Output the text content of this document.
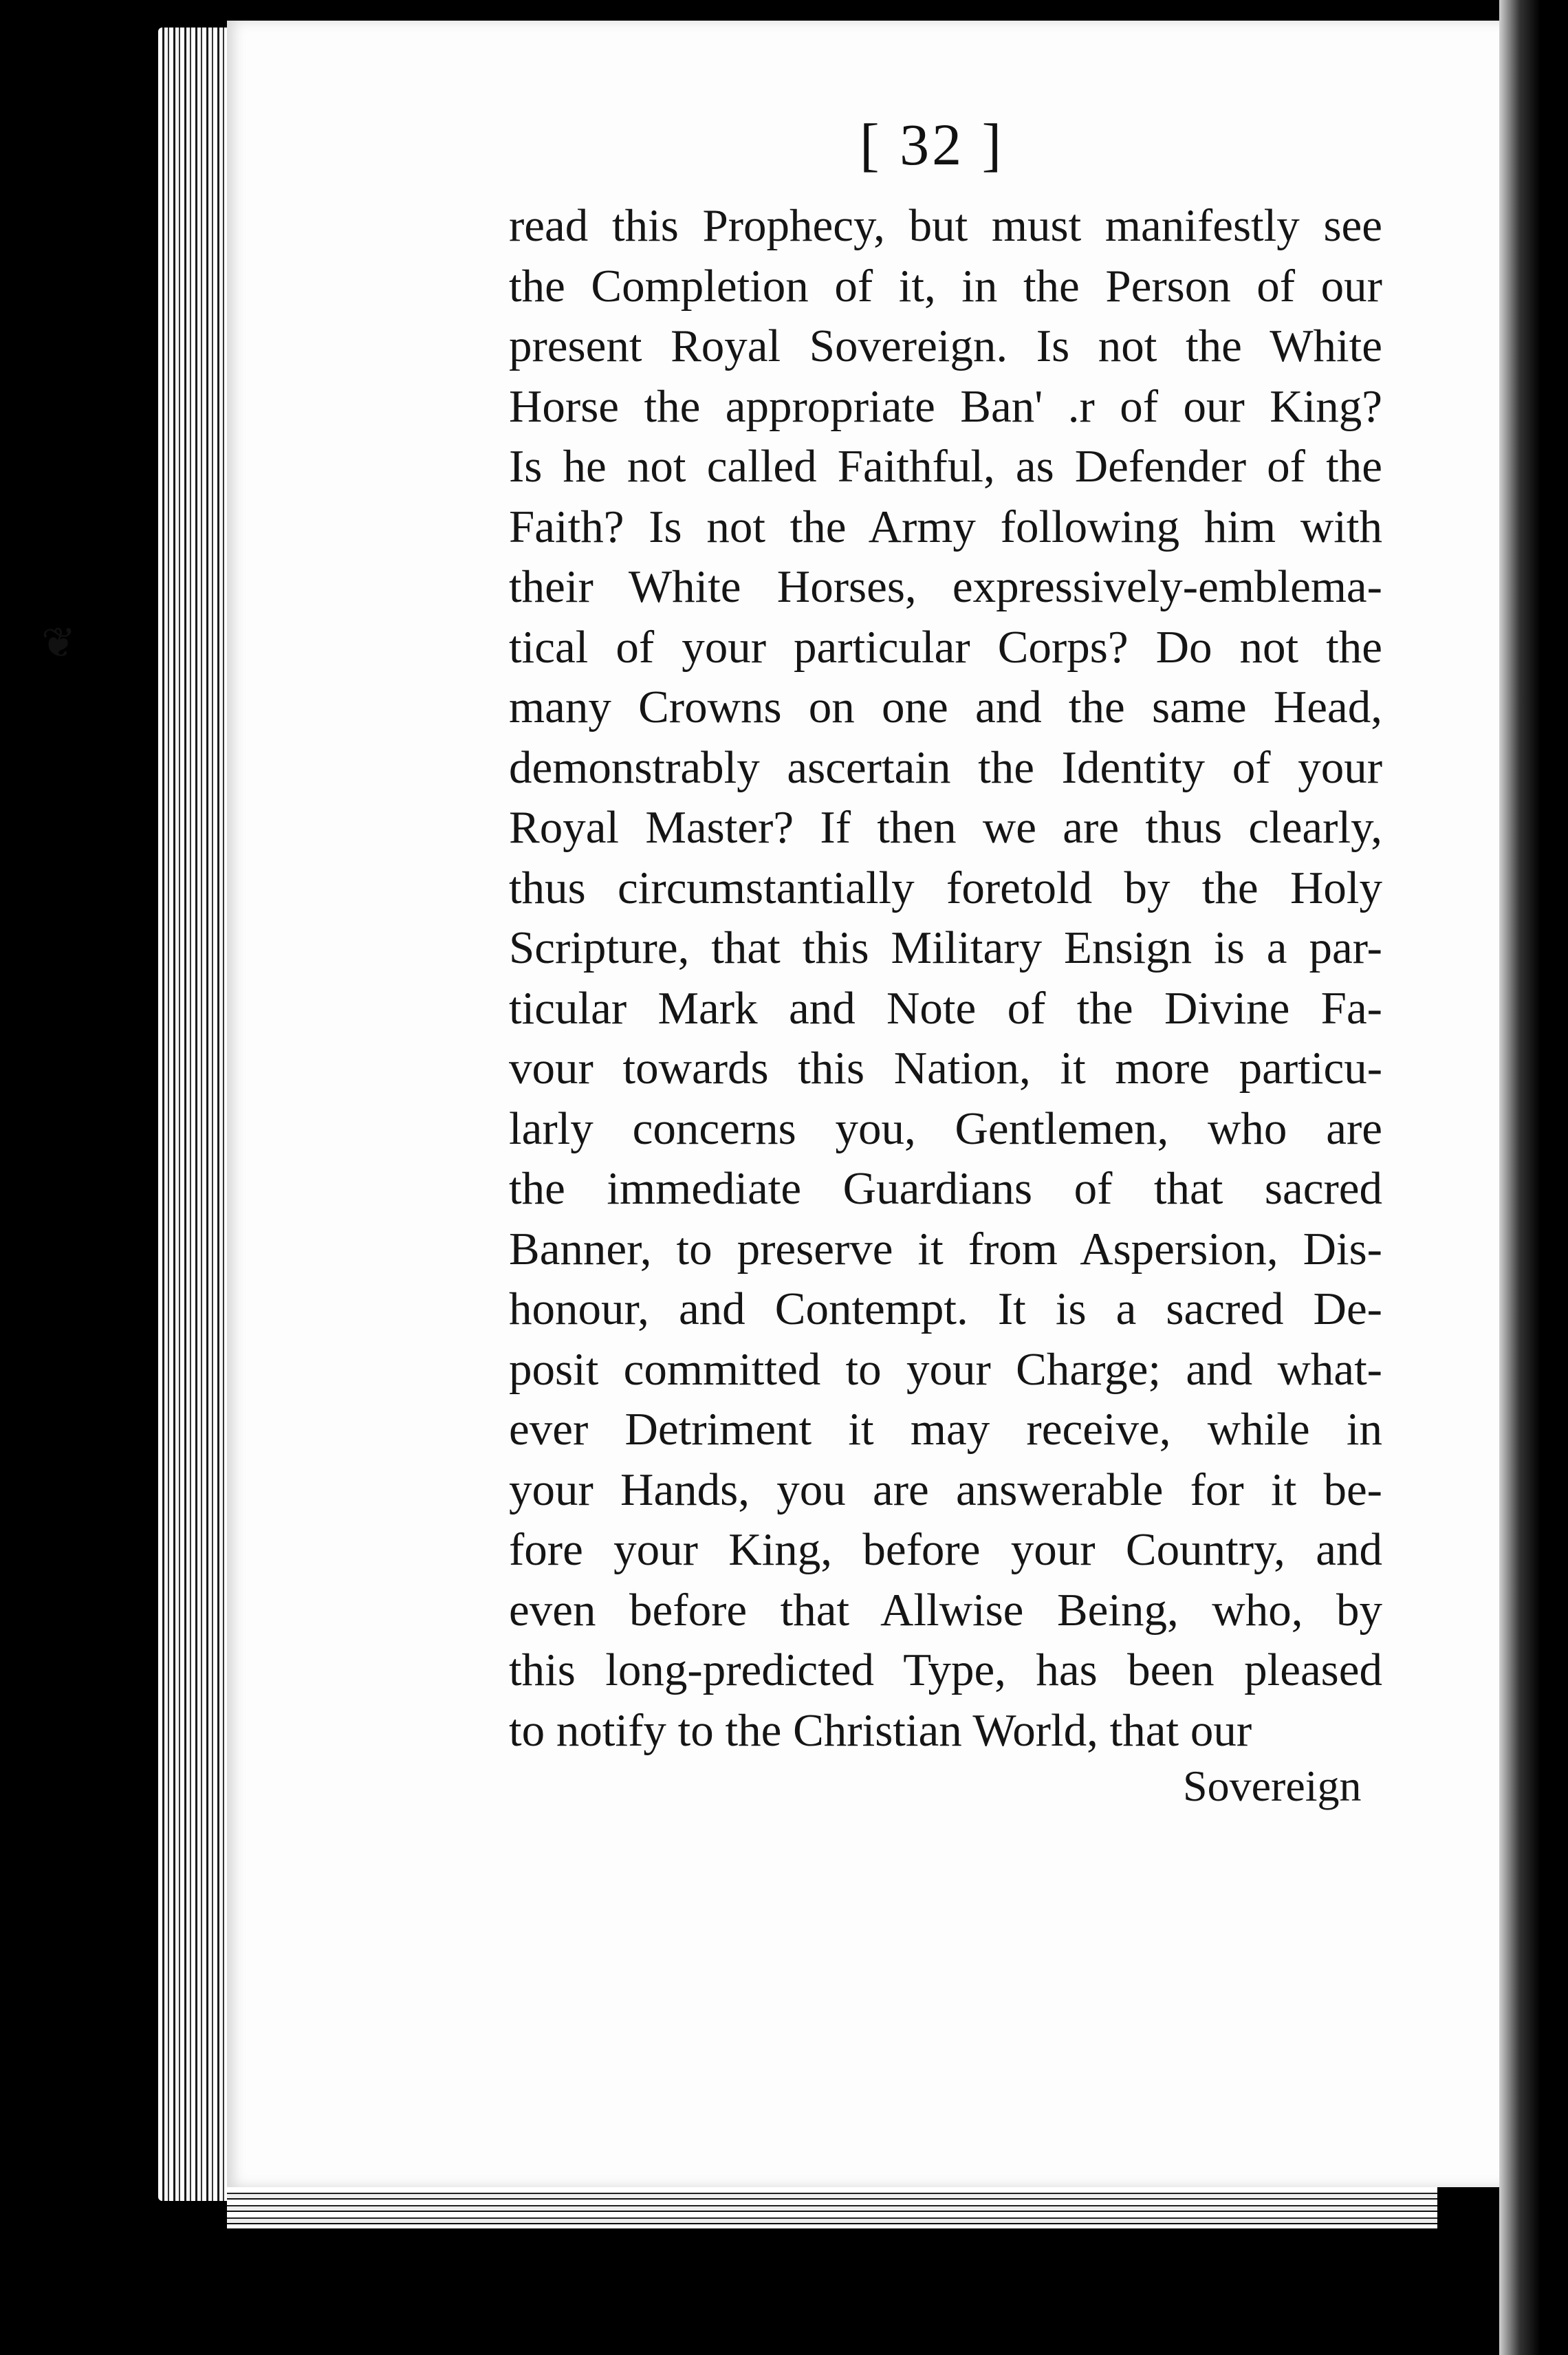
❦
[ 32 ]
read this Prophecy, but must manifestly see
the Completion of it, in the Person of our
present Royal Sovereign. Is not the White
Horse the appropriate Ban' .r of our King?
Is he not called Faithful, as Defender of the
Faith? Is not the Army following him with
their White Horses, expressively-emblema-
tical of your particular Corps? Do not the
many Crowns on one and the same Head,
demonstrably ascertain the Identity of your
Royal Master? If then we are thus clearly,
thus circumstantially foretold by the Holy
Scripture, that this Military Ensign is a par-
ticular Mark and Note of the Divine Fa-
vour towards this Nation, it more particu-
larly concerns you, Gentlemen, who are
the immediate Guardians of that sacred
Banner, to preserve it from Aspersion, Dis-
honour, and Contempt. It is a sacred De-
posit committed to your Charge; and what-
ever Detriment it may receive, while in
your Hands, you are answerable for it be-
fore your King, before your Country, and
even before that Allwise Being, who, by
this long-predicted Type, has been pleased
to notify to the Christian World, that our
Sovereign
